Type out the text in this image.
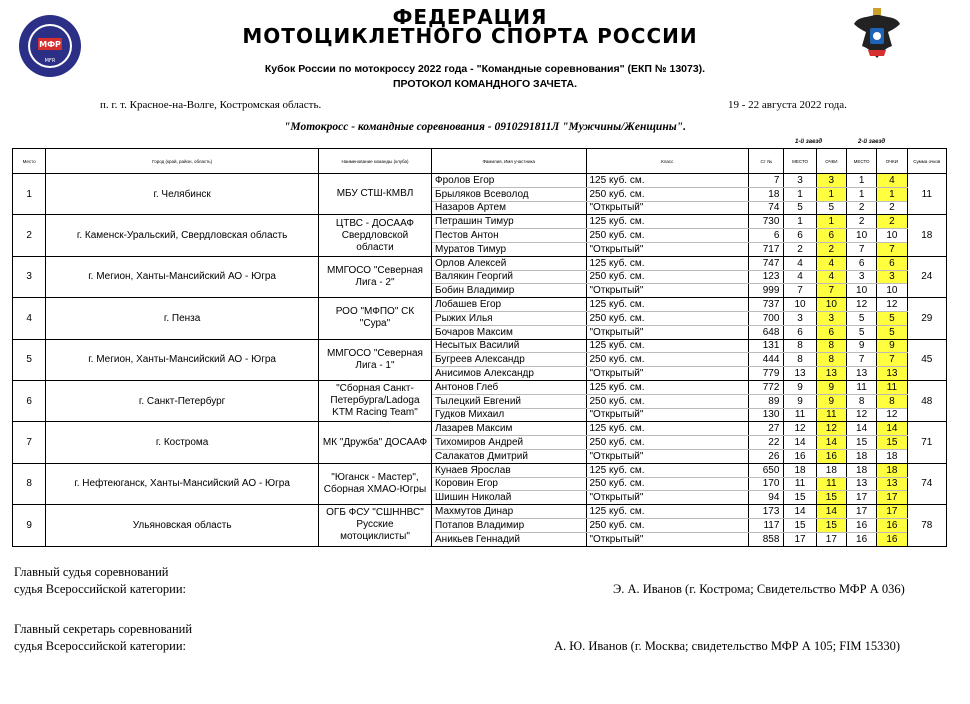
МФР
MFR
ФЕДЕРАЦИЯ
МОТОЦИКЛЕТНОГО СПОРТА РОССИИ
Кубок России по мотокроссу 2022 года - "Командные соревнования" (ЕКП № 13073).
ПРОТОКОЛ КОМАНДНОГО ЗАЧЕТА.
п. г. т. Красное-на-Волге, Костромская область.	19 - 22 августа 2022 года.
"Мотокросс - командные соревнования - 0910291811Л "Мужчины/Женщины".
1-й заезд	2-й заезд
Место	Город (край, район, область)	Наименование команды (клуба)	Фамилия, Имя участника	Класс	Ст №	МЕСТО	ОЧКИ	МЕСТО	ОЧКИ	Сумма очков
1	г. Челябинск	МБУ СТШ-КМВЛ	Фролов Егор	125 куб. см.	7	3	3	1	4	11
			Брыляков Всеволод	250 куб. см.	18	1	1	1	1	
			Назаров Артем	"Открытый"	74	5	5	2	2	
2	г. Каменск-Уральский, Свердловская область	ЦТВС - ДОСААФ Свердловской области	Петрашин Тимур	125 куб. см.	730	1	1	2	2	18
			Пестов Антон	250 куб. см.	6	6	6	10	10	
			Муратов Тимур	"Открытый"	717	2	2	7	7	
3	г. Мегион, Ханты-Мансийский АО - Югра	ММГОСО "Северная Лига - 2"	Орлов Алексей	125 куб. см.	747	4	4	6	6	24
			Валякин Георгий	250 куб. см.	123	4	4	3	3	
			Бобин Владимир	"Открытый"	999	7	7	10	10	
4	г. Пенза	РОО "МФПО" СК "Сура"	Лобашев Егор	125 куб. см.	737	10	10	12	12	29
			Рыжих Илья	250 куб. см.	700	3	3	5	5	
			Бочаров Максим	"Открытый"	648	6	6	5	5	
5	г. Мегион, Ханты-Мансийский АО - Югра	ММГОСО "Северная Лига - 1"	Несытых Василий	125 куб. см.	131	8	8	9	9	45
			Бугреев Александр	250 куб. см.	444	8	8	7	7	
			Анисимов Александр	"Открытый"	779	13	13	13	13	
6	г. Санкт-Петербург	"Сборная Санкт-Петербурга/Ladoga KTM Racing Team"	Антонов Глеб	125 куб. см.	772	9	9	11	11	48
			Тылецкий Евгений	250 куб. см.	89	9	9	8	8	
			Гудков Михаил	"Открытый"	130	11	11	12	12	
7	г. Кострома	МК "Дружба" ДОСААФ	Лазарев Максим	125 куб. см.	27	12	12	14	14	71
			Тихомиров Андрей	250 куб. см.	22	14	14	15	15	
			Салакатов Дмитрий	"Открытый"	26	16	16	18	18	
8	г. Нефтеюганск, Ханты-Мансийский АО - Югра	"Юганск - Мастер", Сборная ХМАО-Югры	Кунаев Ярослав	125 куб. см.	650	18	18	18	18	74
			Коровин Егор	250 куб. см.	170	11	11	13	13	
			Шишин Николай	"Открытый"	94	15	15	17	17	
9	Ульяновская область	ОГБ ФСУ "СШННВС" Русские мотоциклисты"	Махмутов Динар	125 куб. см.	173	14	14	17	17	78
			Потапов Владимир	250 куб. см.	117	15	15	16	16	
			Аникьев Геннадий	"Открытый"	858	17	17	16	16	
Главный судья соревнований
судья Всероссийской категории:	Э. А. Иванов (г. Кострома; Свидетельство МФР А 036)
Главный секретарь соревнований
судья Всероссийской категории:	А. Ю. Иванов (г. Москва; свидетельство МФР А 105; FIM 15330)
